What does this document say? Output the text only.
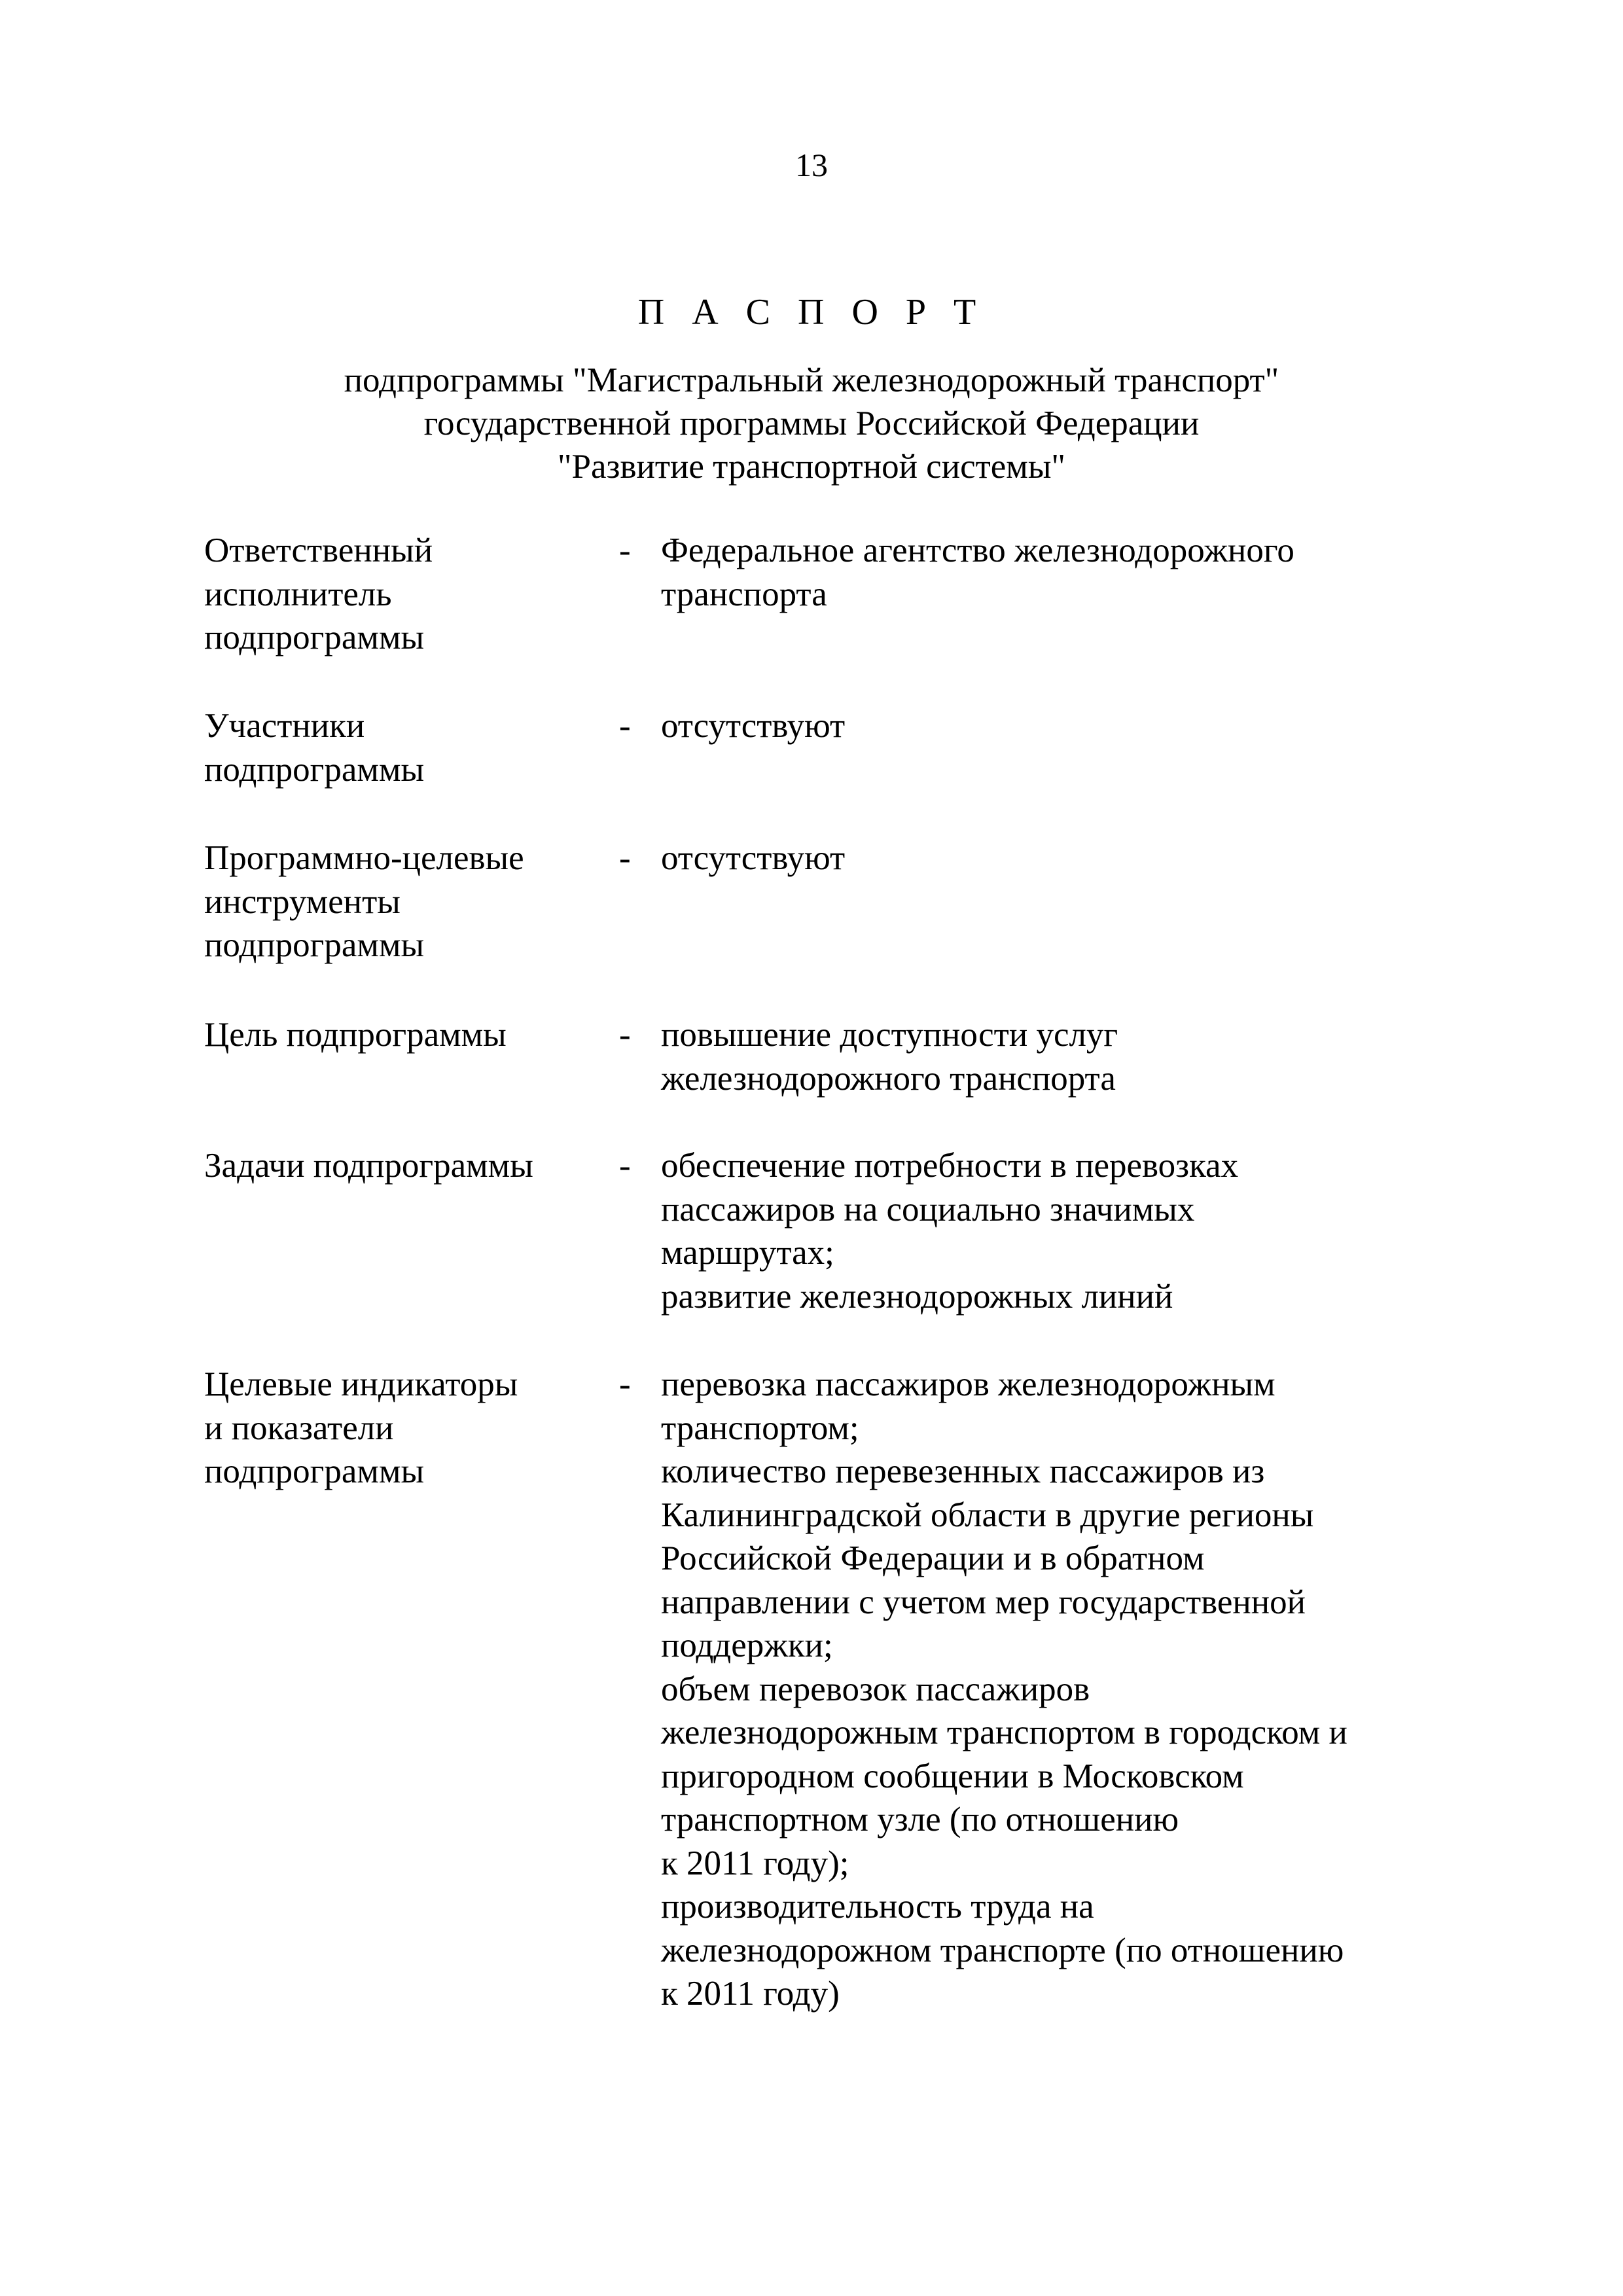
13
П А С П О Р Т
подпрограммы "Магистральный железнодорожный транспорт"
государственной программы Российской Федерации
"Развитие транспортной системы"
Ответственный
исполнитель
подпрограммы
- Федеральное агентство железнодорожного
транспорта
Участники
подпрограммы
- отсутствуют
Программно-целевые
инструменты
подпрограммы
- отсутствуют
Цель подпрограммы	- повышение доступности услуг
железнодорожного транспорта
Задачи подпрограммы	- обеспечение потребности в перевозках
пассажиров на социально значимых
маршрутах;
развитие железнодорожных линий
Целевые индикаторы
и показатели
подпрограммы
- перевозка пассажиров железнодорожным
транспортом;
количество перевезенных пассажиров из
Калининградской области в другие регионы
Российской Федерации и в обратном
направлении с учетом мер государственной
поддержки;
объем перевозок пассажиров
железнодорожным транспортом в городском и
пригородном сообщении в Московском
транспортном узле (по отношению
к 2011 году);
производительность труда на
железнодорожном транспорте (по отношению
к 2011 году)
